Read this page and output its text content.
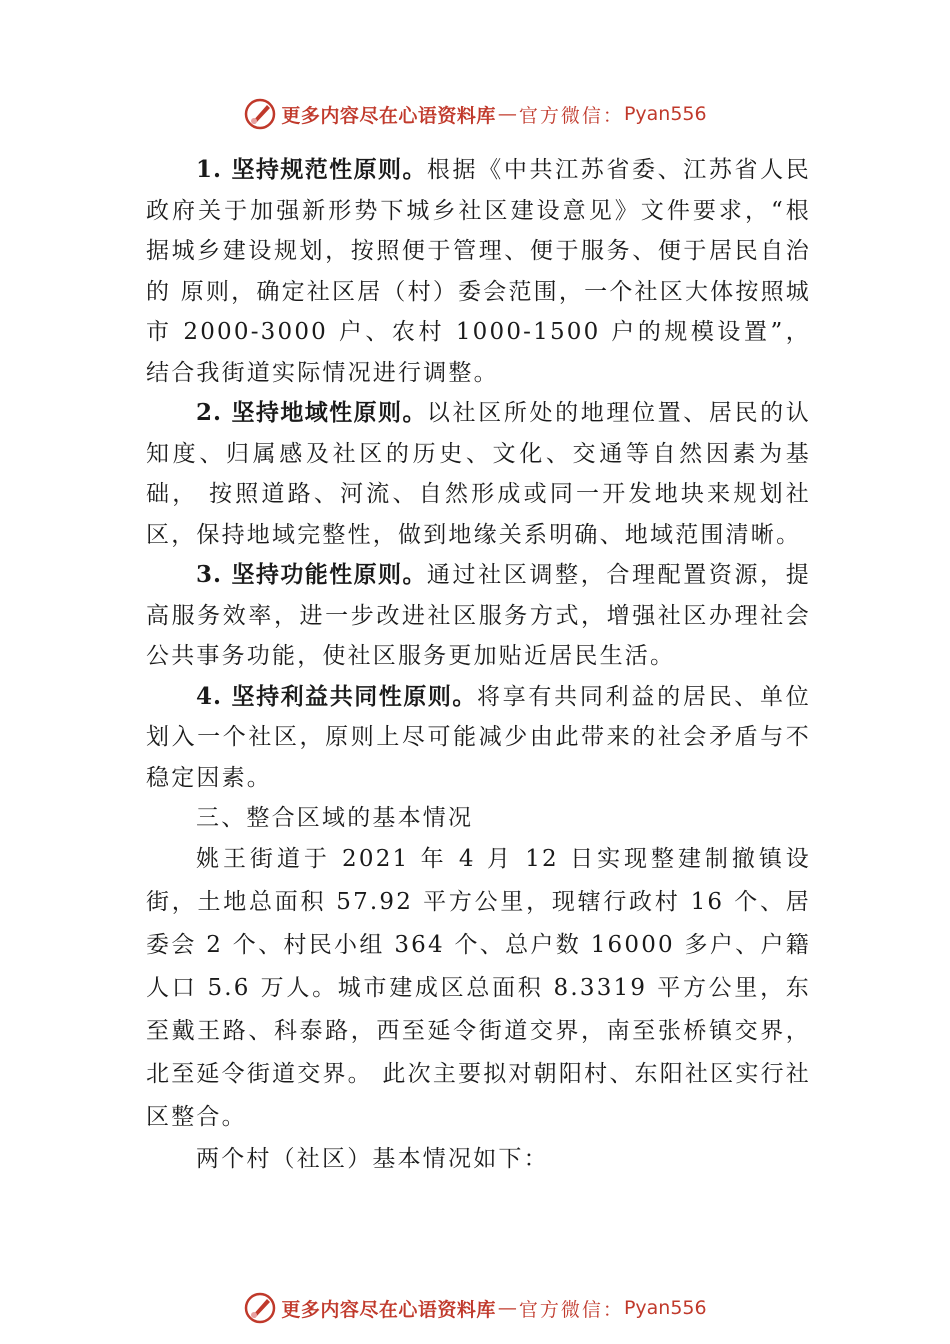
更多内容尽在心语资料库 — 官方微信： Pyan556

1. 坚持规范性原则。根据《中共江苏省委、江苏省人民政府关于加强新形势下城乡社区建设意见》文件要求，“根据城乡建设规划，按照便于管理、便于服务、便于居民自治的 原则，确定社区居（村）委会范围，一个社区大体按照城市 2000-3000 户、农村 1000-1500 户的规模设置”，结合我街道实际情况进行调整。

2. 坚持地域性原则。以社区所处的地理位置、居民的认知度、归属感及社区的历史、文化、交通等自然因素为基础， 按照道路、河流、自然形成或同一开发地块来规划社区，保持地域完整性，做到地缘关系明确、地域范围清晰。

3. 坚持功能性原则。通过社区调整，合理配置资源，提高服务效率，进一步改进社区服务方式，增强社区办理社会公共事务功能，使社区服务更加贴近居民生活。

4. 坚持利益共同性原则。将享有共同利益的居民、单位划入一个社区，原则上尽可能减少由此带来的社会矛盾与不稳定因素。

三、整合区域的基本情况

姚王街道于 2021 年 4 月 12 日实现整建制撤镇设街，土地总面积 57.92 平方公里，现辖行政村 16 个、居委会 2 个、村民小组 364 个、总户数 16000 多户、户籍人口 5.6 万人。城市建成区总面积 8.3319 平方公里，东至戴王路、科泰路，西至延令街道交界，南至张桥镇交界，北至延令街道交界。 此次主要拟对朝阳村、东阳社区实行社区整合。

两个村（社区）基本情况如下：

更多内容尽在心语资料库 — 官方微信： Pyan556
